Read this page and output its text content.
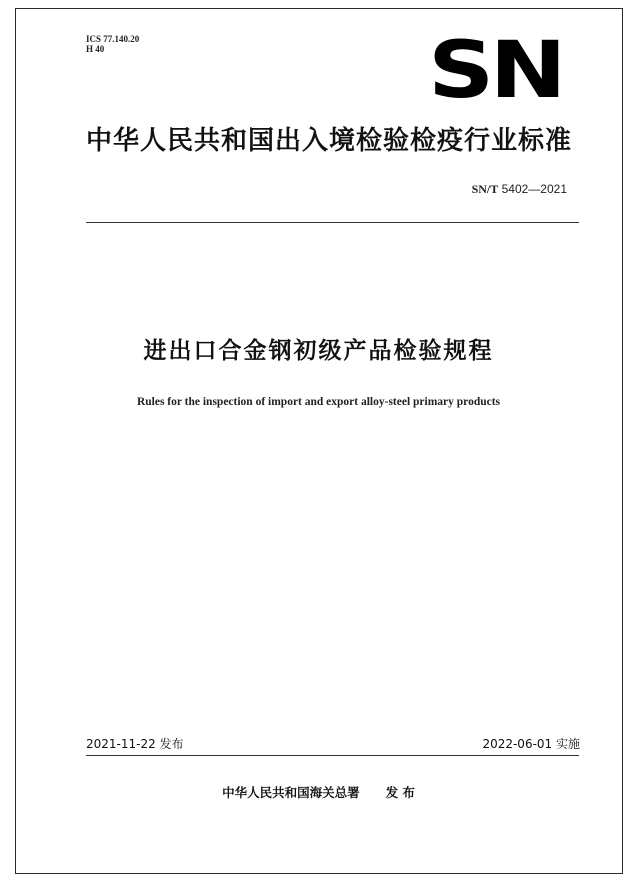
ICS 77.140.20
H 40	SN
中华人民共和国出入境检验检疫行业标准
SN/T 5402—2021
进出口合金钢初级产品检验规程
Rules for the inspection of import and export alloy-steel primary products
2021-11-22 发布	2022-06-01 实施
中华人民共和国海关总署 发 布
